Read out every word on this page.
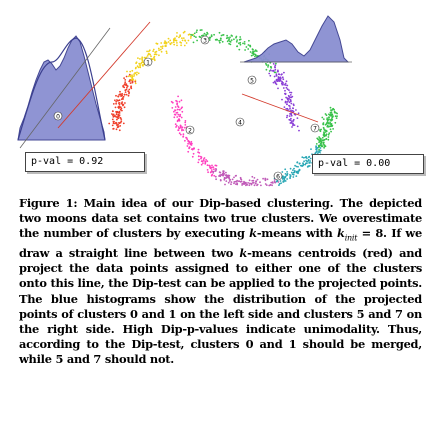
0
1
2
3
4
5
6
7
p-val = 0.92	p-val = 0.00
Figure 1: Main idea of our Dip-based clustering. The depicted two moons data set contains two true clusters. We overestimate the number of clusters by executing k-means with $k_{init} = 8$. If we draw a straight line between two k-means centroids (red) and project the data points assigned to either one of the clusters onto this line, the Dip-test can be applied to the projected points. The blue histograms show the distribution of the projected points of clusters 0 and 1 on the left side and clusters 5 and 7 on the right side. High Dip-p-values indicate unimodality. Thus, according to the Dip-test, clusters 0 and 1 should be merged, while 5 and 7 should not.
